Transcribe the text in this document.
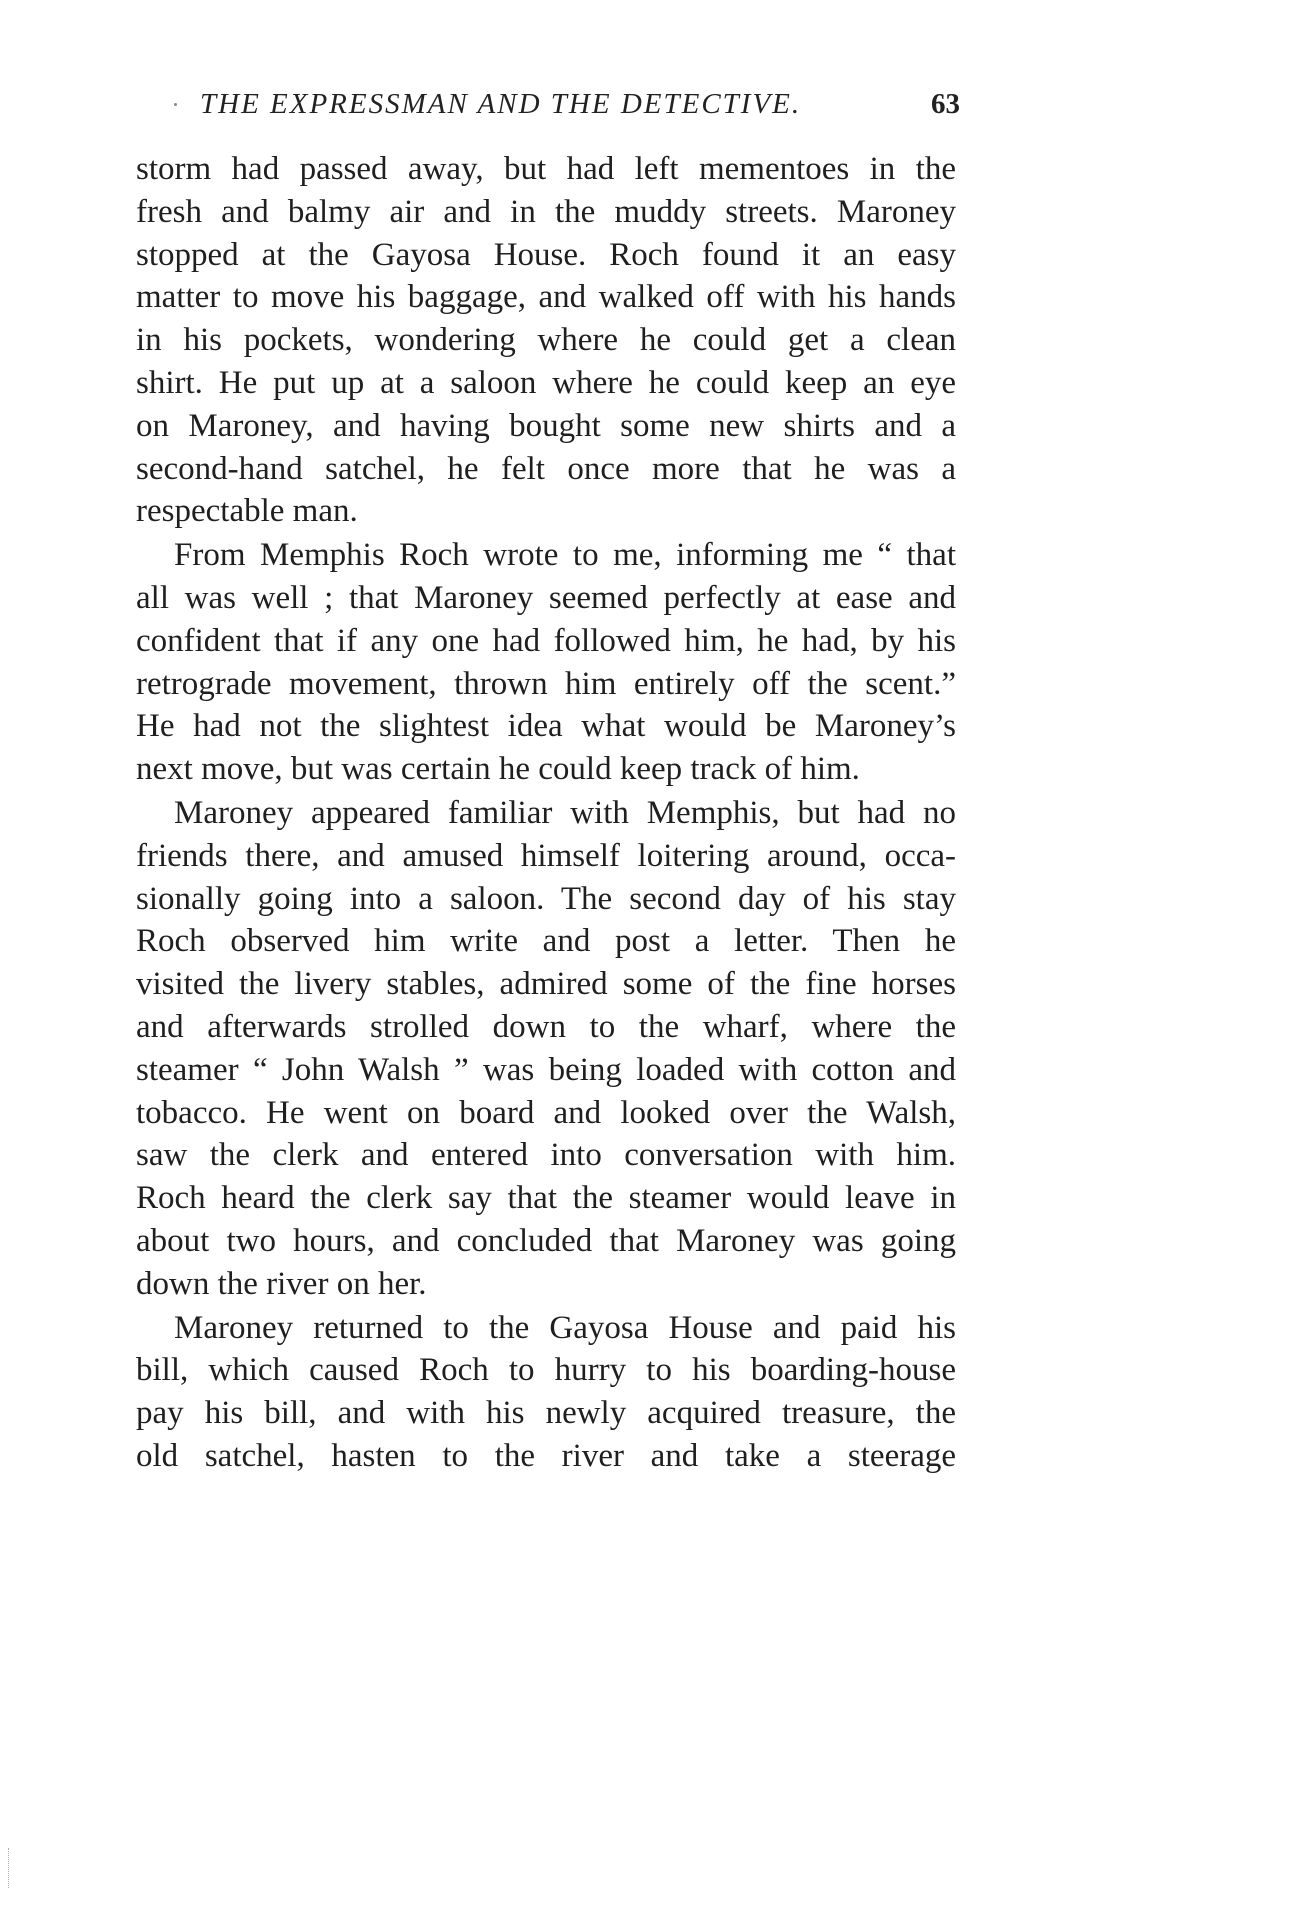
THE EXPRESSMAN AND THE DETECTIVE.	63
storm had passed away, but had left mementoes in the
fresh and balmy air and in the muddy streets. Maroney
stopped at the Gayosa House. Roch found it an easy
matter to move his baggage, and walked off with his hands
in his pockets, wondering where he could get a clean
shirt. He put up at a saloon where he could keep an eye
on Maroney, and having bought some new shirts and a
second-hand satchel, he felt once more that he was a
respectable man.
From Memphis Roch wrote to me, informing me “ that
all was well ; that Maroney seemed perfectly at ease and
confident that if any one had followed him, he had, by his
retrograde movement, thrown him entirely off the scent.”
He had not the slightest idea what would be Maroney’s
next move, but was certain he could keep track of him.
Maroney appeared familiar with Memphis, but had no
friends there, and amused himself loitering around, occa-
sionally going into a saloon. The second day of his stay
Roch observed him write and post a letter. Then he
visited the livery stables, admired some of the fine horses
and afterwards strolled down to the wharf, where the
steamer “ John Walsh ” was being loaded with cotton and
tobacco. He went on board and looked over the Walsh,
saw the clerk and entered into conversation with him.
Roch heard the clerk say that the steamer would leave in
about two hours, and concluded that Maroney was going
down the river on her.
Maroney returned to the Gayosa House and paid his
bill, which caused Roch to hurry to his boarding-house
pay his bill, and with his newly acquired treasure, the
old satchel, hasten to the river and take a steerage
